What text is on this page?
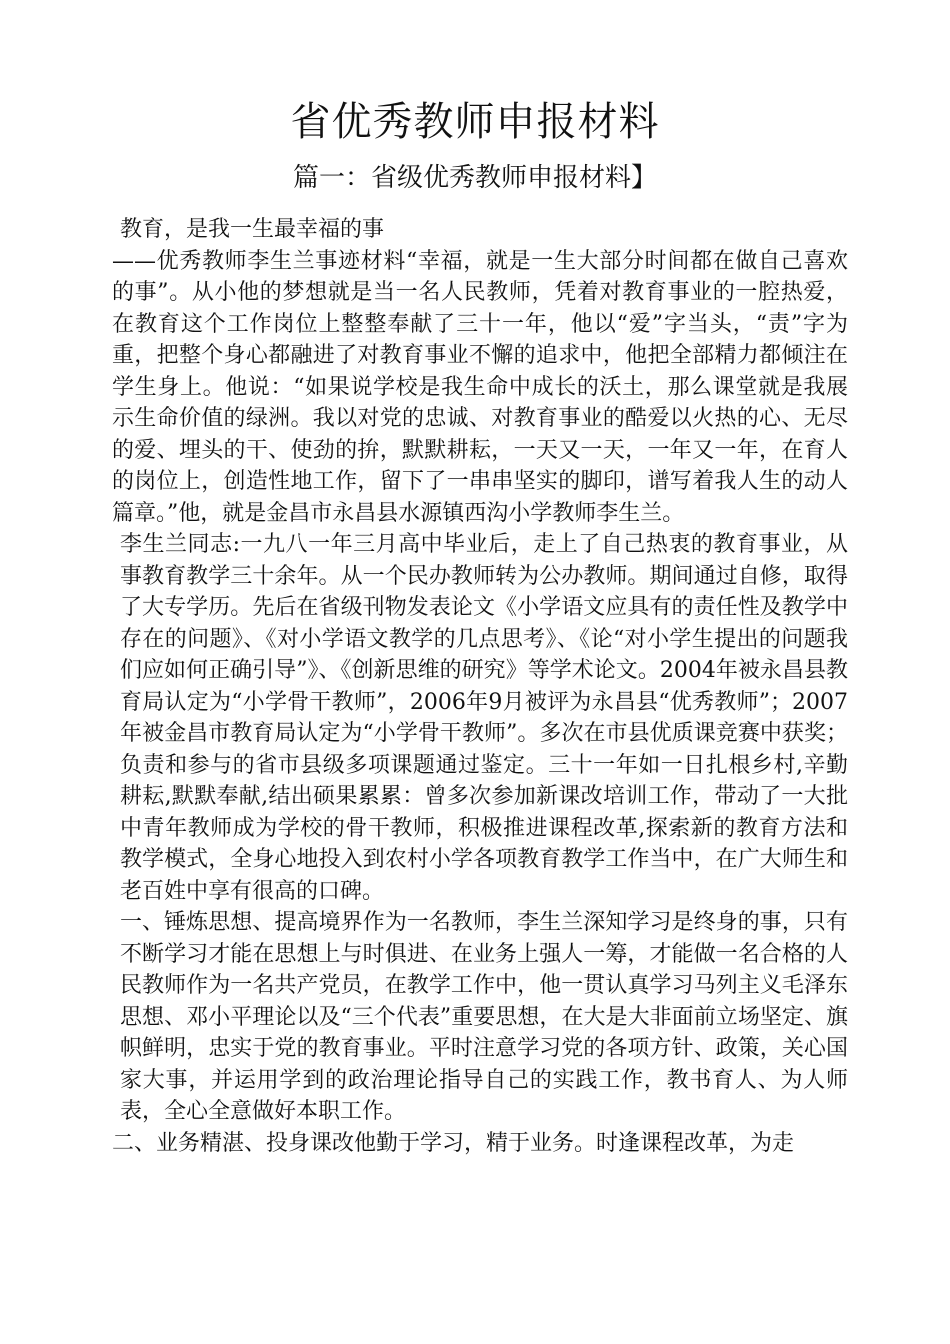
省优秀教师申报材料
篇一：省级优秀教师申报材料】

教育，是我一生最幸福的事

——优秀教师李生兰事迹材料“幸福，就是一生大部分时间都在做自己喜欢的事”。从小他的梦想就是当一名人民教师，凭着对教育事业的一腔热爱，在教育这个工作岗位上整整奉献了三十一年，他以“爱”字当头，“责”字为重，把整个身心都融进了对教育事业不懈的追求中，他把全部精力都倾注在学生身上。他说：“如果说学校是我生命中成长的沃土，那么课堂就是我展示生命价值的绿洲。我以对党的忠诚、对教育事业的酷爱以火热的心、无尽的爱、埋头的干、使劲的拚，默默耕耘，一天又一天，一年又一年，在育人的岗位上，创造性地工作，留下了一串串坚实的脚印，谱写着我人生的动人篇章。”他，就是金昌市永昌县水源镇西沟小学教师李生兰。

李生兰同志:一九八一年三月高中毕业后，走上了自己热衷的教育事业，从事教育教学三十余年。从一个民办教师转为公办教师。期间通过自修，取得了大专学历。先后在省级刊物发表论文《小学语文应具有的责任性及教学中存在的问题》、《对小学语文教学的几点思考》、《论“对小学生提出的问题我们应如何正确引导”》、《创新思维的研究》等学术论文。2004年被永昌县教育局认定为“小学骨干教师”，2006年9月被评为永昌县“优秀教师”；2007年被金昌市教育局认定为“小学骨干教师”。多次在市县优质课竞赛中获奖；负责和参与的省市县级多项课题通过鉴定。三十一年如一日扎根乡村,辛勤耕耘,默默奉献,结出硕果累累：曾多次参加新课改培训工作，带动了一大批中青年教师成为学校的骨干教师，积极推进课程改革,探索新的教育方法和教学模式，全身心地投入到农村小学各项教育教学工作当中，在广大师生和老百姓中享有很高的口碑。

一、锤炼思想、提高境界作为一名教师，李生兰深知学习是终身的事，只有不断学习才能在思想上与时俱进、在业务上强人一筹，才能做一名合格的人民教师作为一名共产党员，在教学工作中，他一贯认真学习马列主义毛泽东思想、邓小平理论以及“三个代表”重要思想，在大是大非面前立场坚定、旗帜鲜明，忠实于党的教育事业。平时注意学习党的各项方针、政策，关心国家大事，并运用学到的政治理论指导自己的实践工作，教书育人、为人师表，全心全意做好本职工作。

二、业务精湛、投身课改他勤于学习，精于业务。时逢课程改革，为走
